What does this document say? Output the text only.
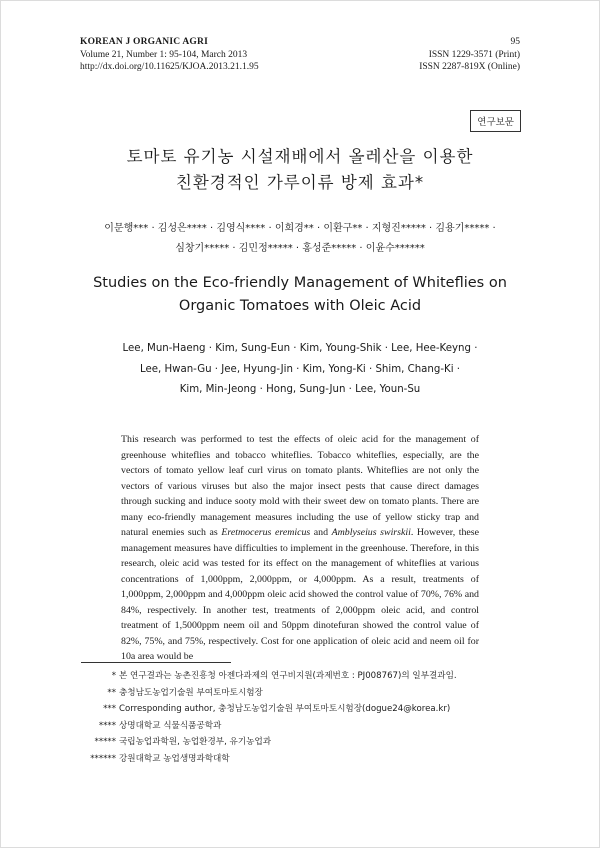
KOREAN J ORGANIC AGRI
Volume 21, Number 1: 95-104, March 2013
http://dx.doi.org/10.11625/KJOA.2013.21.1.95
95
ISSN 1229-3571 (Print)
ISSN 2287-819X (Online)
연구보문
토마토 유기농 시설재배에서 올레산을 이용한
친환경적인 가루이류 방제 효과*
이문행*** · 김성은**** · 김영식**** · 이희경** · 이환구** · 지형진***** · 김용기***** ·
심창기***** · 김민정***** · 홍성준***** · 이윤수******
Studies on the Eco-friendly Management of Whiteflies on
Organic Tomatoes with Oleic Acid
Lee, Mun-Haeng · Kim, Sung-Eun · Kim, Young-Shik · Lee, Hee-Keyng ·
Lee, Hwan-Gu · Jee, Hyung-Jin · Kim, Yong-Ki · Shim, Chang-Ki ·
Kim, Min-Jeong · Hong, Sung-Jun · Lee, Youn-Su

This research was performed to test the effects of oleic acid for the management of greenhouse whiteflies and tobacco whiteflies. Tobacco whiteflies, especially, are the vectors of tomato yellow leaf curl virus on tomato plants. Whiteflies are not only the vectors of various viruses but also the major insect pests that cause direct damages through sucking and induce sooty mold with their sweet dew on tomato plants. There are many eco-friendly management measures including the use of yellow sticky trap and natural enemies such as Eretmocerus eremicus and Amblyseius swirskii. However, these management measures have difficulties to implement in the greenhouse. Therefore, in this research, oleic acid was tested for its effect on the management of whiteflies at various concentrations of 1,000ppm, 2,000ppm, or 4,000ppm. As a result, treatments of 1,000ppm, 2,000ppm and 4,000ppm oleic acid showed the control value of 70%, 76% and 84%, respectively. In another test, treatments of 2,000ppm oleic acid, and control treatment of 1,5000ppm neem oil and 50ppm dinotefuran showed the control value of 82%, 75%, and 75%, respectively. Cost for one application of oleic acid and neem oil for 10a area would be

* 본 연구결과는 농촌진흥청 아젠다과제의 연구비지원(과제번호 : PJ008767)의 일부결과임.
** 충청남도농업기술원 부여토마토시험장
*** Corresponding author, 충청남도농업기술원 부여토마토시험장(dogue24@korea.kr)
**** 상명대학교 식물식품공학과
***** 국립농업과학원, 농업환경부, 유기농업과
****** 강원대학교 농업생명과학대학
